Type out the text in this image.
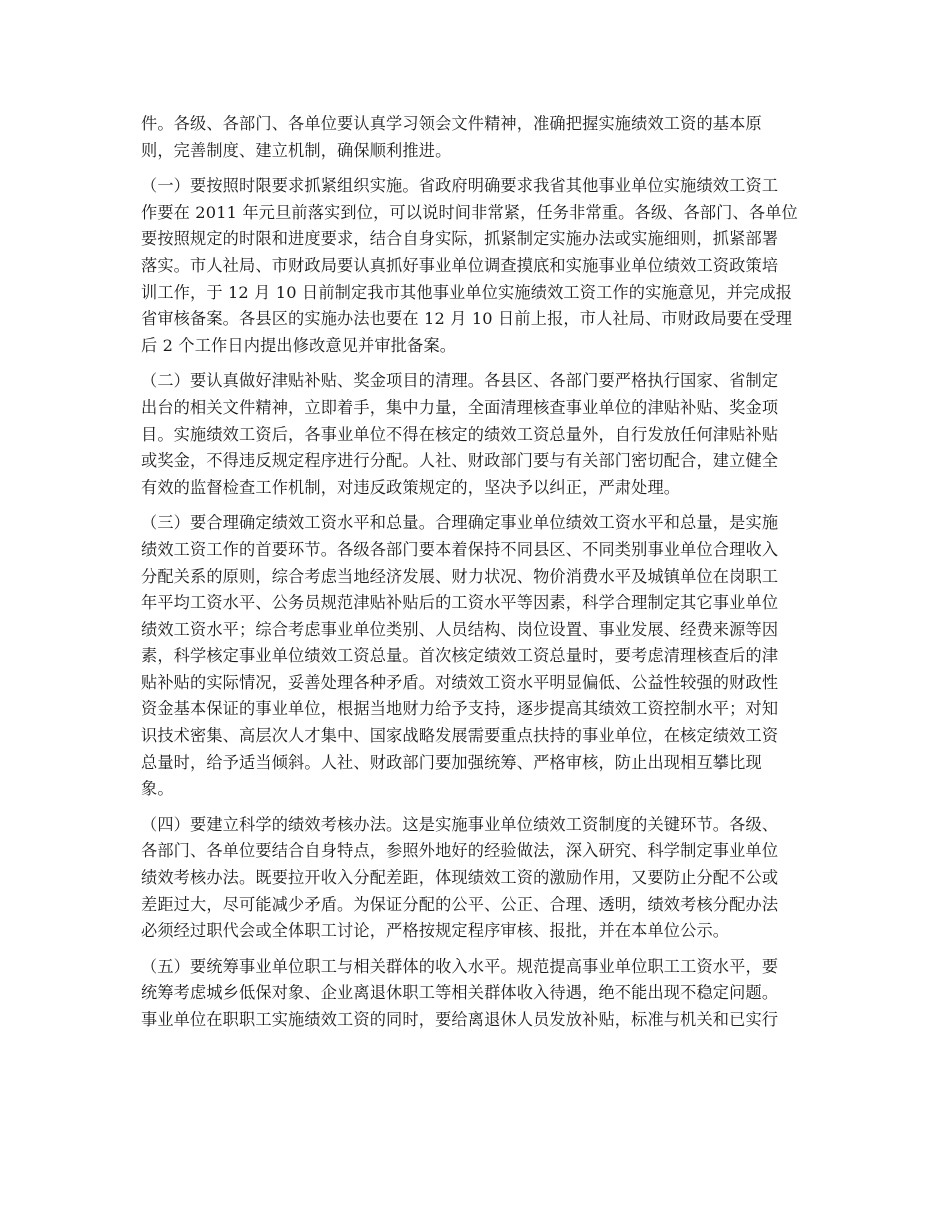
件。各级、各部门、各单位要认真学习领会文件精神，准确把握实施绩效工资的基本原
则，完善制度、建立机制，确保顺利推进。
（一）要按照时限要求抓紧组织实施。省政府明确要求我省其他事业单位实施绩效工资工
作要在 2011 年元旦前落实到位，可以说时间非常紧，任务非常重。各级、各部门、各单位
要按照规定的时限和进度要求，结合自身实际，抓紧制定实施办法或实施细则，抓紧部署
落实。市人社局、市财政局要认真抓好事业单位调查摸底和实施事业单位绩效工资政策培
训工作，于 12 月 10 日前制定我市其他事业单位实施绩效工资工作的实施意见，并完成报
省审核备案。各县区的实施办法也要在 12 月 10 日前上报，市人社局、市财政局要在受理
后 2 个工作日内提出修改意见并审批备案。
（二）要认真做好津贴补贴、奖金项目的清理。各县区、各部门要严格执行国家、省制定
出台的相关文件精神，立即着手，集中力量，全面清理核查事业单位的津贴补贴、奖金项
目。实施绩效工资后，各事业单位不得在核定的绩效工资总量外，自行发放任何津贴补贴
或奖金，不得违反规定程序进行分配。人社、财政部门要与有关部门密切配合，建立健全
有效的监督检查工作机制，对违反政策规定的，坚决予以纠正，严肃处理。
（三）要合理确定绩效工资水平和总量。合理确定事业单位绩效工资水平和总量，是实施
绩效工资工作的首要环节。各级各部门要本着保持不同县区、不同类别事业单位合理收入
分配关系的原则，综合考虑当地经济发展、财力状况、物价消费水平及城镇单位在岗职工
年平均工资水平、公务员规范津贴补贴后的工资水平等因素，科学合理制定其它事业单位
绩效工资水平；综合考虑事业单位类别、人员结构、岗位设置、事业发展、经费来源等因
素，科学核定事业单位绩效工资总量。首次核定绩效工资总量时，要考虑清理核查后的津
贴补贴的实际情况，妥善处理各种矛盾。对绩效工资水平明显偏低、公益性较强的财政性
资金基本保证的事业单位，根据当地财力给予支持，逐步提高其绩效工资控制水平；对知
识技术密集、高层次人才集中、国家战略发展需要重点扶持的事业单位，在核定绩效工资
总量时，给予适当倾斜。人社、财政部门要加强统筹、严格审核，防止出现相互攀比现
象。
（四）要建立科学的绩效考核办法。这是实施事业单位绩效工资制度的关键环节。各级、
各部门、各单位要结合自身特点，参照外地好的经验做法，深入研究、科学制定事业单位
绩效考核办法。既要拉开收入分配差距，体现绩效工资的激励作用，又要防止分配不公或
差距过大，尽可能减少矛盾。为保证分配的公平、公正、合理、透明，绩效考核分配办法
必须经过职代会或全体职工讨论，严格按规定程序审核、报批，并在本单位公示。
（五）要统筹事业单位职工与相关群体的收入水平。规范提高事业单位职工工资水平，要
统筹考虑城乡低保对象、企业离退休职工等相关群体收入待遇，绝不能出现不稳定问题。
事业单位在职职工实施绩效工资的同时，要给离退休人员发放补贴，标准与机关和已实行
